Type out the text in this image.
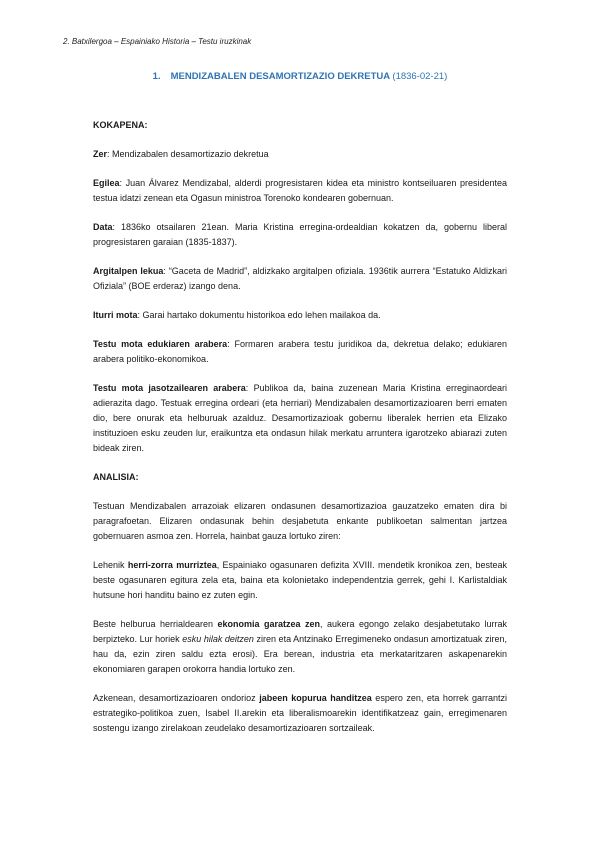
2. Batxilergoa – Espainiako Historia – Testu iruzkinak
1. MENDIZABALEN DESAMORTIZAZIO DEKRETUA (1836-02-21)

KOKAPENA:

Zer: Mendizabalen desamortizazio dekretua

Egilea: Juan Álvarez Mendizabal, alderdi progresistaren kidea eta ministro kontseiluaren presidentea testua idatzi zenean eta Ogasun ministroa Torenoko kondearen gobernuan.

Data: 1836ko otsailaren 21ean. Maria Kristina erregina-ordealdian kokatzen da, gobernu liberal progresistaren garaian (1835-1837).

Argitalpen lekua: “Gaceta de Madrid”, aldizkako argitalpen ofiziala. 1936tik aurrera “Estatuko Aldizkari Ofiziala” (BOE erderaz) izango dena.

Iturri mota: Garai hartako dokumentu historikoa edo lehen mailakoa da.

Testu mota edukiaren arabera: Formaren arabera testu juridikoa da, dekretua delako; edukiaren arabera politiko-ekonomikoa.

Testu mota jasotzailearen arabera: Publikoa da, baina zuzenean Maria Kristina erreginaordeari adierazita dago. Testuak erregina ordeari (eta herriari) Mendizabalen desamortizazioaren berri ematen dio, bere onurak eta helburuak azalduz. Desamortizazioak gobernu liberalek herrien eta Elizako instituzioen esku zeuden lur, eraikuntza eta ondasun hilak merkatu arruntera igarotzeko abiarazi zuten bideak ziren.

ANALISIA:

Testuan Mendizabalen arrazoiak elizaren ondasunen desamortizazioa gauzatzeko ematen dira bi paragrafoetan. Elizaren ondasunak behin desjabetuta enkante publikoetan salmentan jartzea gobernuaren asmoa zen. Horrela, hainbat gauza lortuko ziren:

Lehenik herri-zorra murriztea, Espainiako ogasunaren defizita XVIII. mendetik kronikoa zen, besteak beste ogasunaren egitura zela eta, baina eta kolonietako independentzia gerrek, gehi I. Karlistaldiak hutsune hori handitu baino ez zuten egin.

Beste helburua herrialdearen ekonomia garatzea zen, aukera egongo zelako desjabetutako lurrak berpizteko. Lur horiek esku hilak deitzen ziren eta Antzinako Erregimeneko ondasun amortizatuak ziren, hau da, ezin ziren saldu ezta erosi). Era berean, industria eta merkataritzaren askapenarekin ekonomiaren garapen orokorra handia lortuko zen.

Azkenean, desamortizazioaren ondorioz jabeen kopurua handitzea espero zen, eta horrek garrantzi estrategiko-politikoa zuen, Isabel II.arekin eta liberalismoarekin identifikatzeaz gain, erregimenaren sostengu izango zirelakoan zeudelako desamortizazioaren sortzaileak.
